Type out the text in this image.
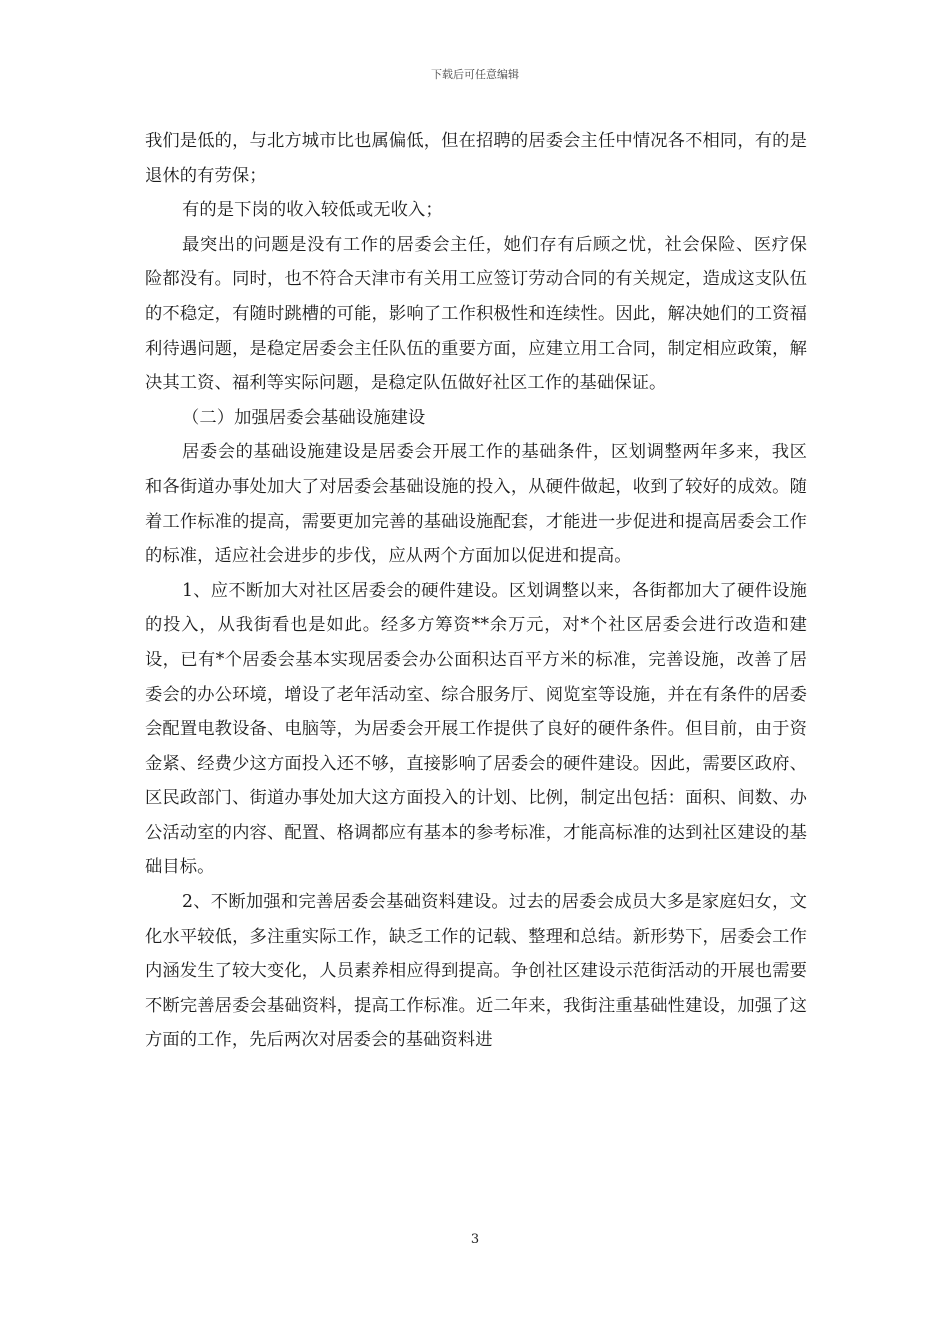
下载后可任意编辑

我们是低的，与北方城市比也属偏低，但在招聘的居委会主任中情况各不相同，有的是退休的有劳保；

有的是下岗的收入较低或无收入；

最突出的问题是没有工作的居委会主任，她们存有后顾之忧，社会保险、医疗保险都没有。同时，也不符合天津市有关用工应签订劳动合同的有关规定，造成这支队伍的不稳定，有随时跳槽的可能，影响了工作积极性和连续性。因此，解决她们的工资福利待遇问题，是稳定居委会主任队伍的重要方面，应建立用工合同，制定相应政策，解决其工资、福利等实际问题，是稳定队伍做好社区工作的基础保证。

（二）加强居委会基础设施建设

居委会的基础设施建设是居委会开展工作的基础条件，区划调整两年多来，我区和各街道办事处加大了对居委会基础设施的投入，从硬件做起，收到了较好的成效。随着工作标准的提高，需要更加完善的基础设施配套，才能进一步促进和提高居委会工作的标准，适应社会进步的步伐，应从两个方面加以促进和提高。

1、应不断加大对社区居委会的硬件建设。区划调整以来，各街都加大了硬件设施的投入，从我街看也是如此。经多方筹资**余万元，对*个社区居委会进行改造和建设，已有*个居委会基本实现居委会办公面积达百平方米的标准，完善设施，改善了居委会的办公环境，增设了老年活动室、综合服务厅、阅览室等设施，并在有条件的居委会配置电教设备、电脑等，为居委会开展工作提供了良好的硬件条件。但目前，由于资金紧、经费少这方面投入还不够，直接影响了居委会的硬件建设。因此，需要区政府、区民政部门、街道办事处加大这方面投入的计划、比例，制定出包括：面积、间数、办公活动室的内容、配置、格调都应有基本的参考标准，才能高标准的达到社区建设的基础目标。

2、不断加强和完善居委会基础资料建设。过去的居委会成员大多是家庭妇女，文化水平较低，多注重实际工作，缺乏工作的记载、整理和总结。新形势下，居委会工作内涵发生了较大变化，人员素养相应得到提高。争创社区建设示范街活动的开展也需要不断完善居委会基础资料，提高工作标准。近二年来，我街注重基础性建设，加强了这方面的工作，先后两次对居委会的基础资料进

3
